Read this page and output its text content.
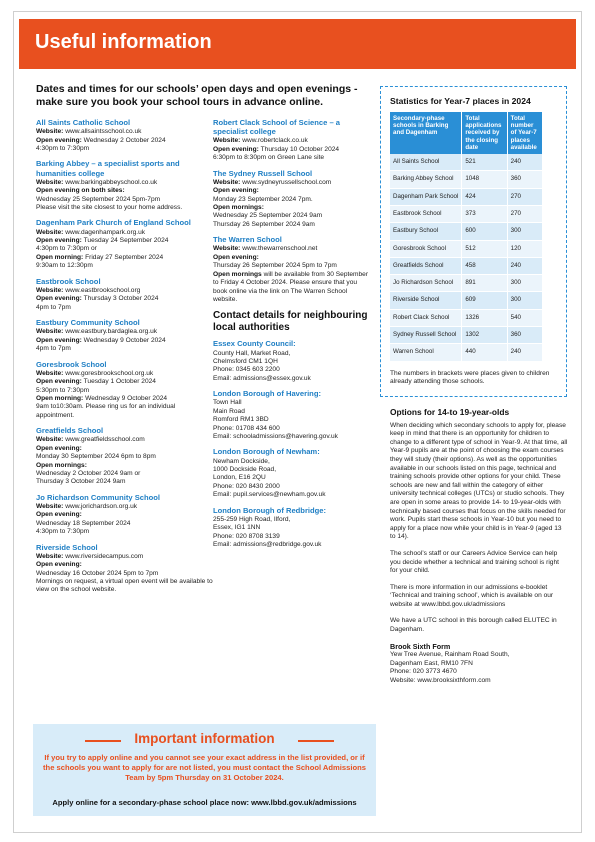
Useful information
Dates and times for our schools’ open days and open evenings - make sure you book your school tours in advance online.
All Saints Catholic School
Website: www.allsaintsschool.co.uk
Open evening: Wednesday 2 October 2024
4:30pm to 7:30pm
Barking Abbey – a specialist sports and humanities college
Website: www.barkingabbeyschool.co.uk
Open evening on both sites:
Wednesday 25 September 2024 5pm-7pm
Please visit the site closest to your home address.
Dagenham Park Church of England School
Website: www.dagenhampark.org.uk
Open evening: Tuesday 24 September 2024
4:30pm to 7:30pm or
Open morning: Friday 27 September 2024
9:30am to 12:30pm
Eastbrook School
Website: www.eastbrookschool.org
Open evening: Thursday 3 October 2024
4pm to 7pm
Eastbury Community School
Website: www.eastbury.bardaglea.org.uk
Open evening: Wednesday 9 October 2024
4pm to 7pm
Goresbrook School
Website: www.goresbrookschool.org.uk
Open evening: Tuesday 1 October 2024
5:30pm to 7:30pm
Open morning: Wednesday 9 October 2024
9am to10:30am. Please ring us for an individual appointment.
Greatfields School
Website: www.greatfieldsschool.com
Open evening:
Monday 30 September 2024 6pm to 8pm
Open mornings:
Wednesday 2 October 2024 9am or
Thursday 3 October 2024 9am
Jo Richardson Community School
Website: www.jorichardson.org.uk
Open evening:
Wednesday 18 September 2024
4:30pm to 7:30pm
Riverside School
Website: www.riversidecampus.com
Open evening:
Wednesday 16 October 2024 5pm to 7pm
Mornings on request, a virtual open event will be available to view on the school website.
Robert Clack School of Science – a specialist college
Website: www.robertclack.co.uk
Open evening: Thursday 10 October 2024
6:30pm to 8:30pm on Green Lane site
The Sydney Russell School
Website: www.sydneyrussellschool.com
Open evening:
Monday 23 September 2024 7pm.
Open mornings:
Wednesday 25 September 2024 9am
Thursday 26 September 2024 9am
The Warren School
Website: www.thewarrenschool.net
Open evening:
Thursday 26 September 2024 5pm to 7pm
Open mornings will be available from 30 September to Friday 4 October 2024. Please ensure that you book online via the link on The Warren School website.
Contact details for neighbouring local authorities
Essex County Council:
County Hall, Market Road,
Chelmsford CM1 1QH
Phone: 0345 603 2200
Email: admissions@essex.gov.uk
London Borough of Havering:
Town Hall
Main Road
Romford RM1 3BD
Phone: 01708 434 600
Email: schooladmissions@havering.gov.uk
London Borough of Newham:
Newham Dockside,
1000 Dockside Road,
London, E16 2QU
Phone: 020 8430 2000
Email: pupil.services@newham.gov.uk
London Borough of Redbridge:
255-259 High Road, Ilford,
Essex, IG1 1NN
Phone: 020 8708 3139
Email: admissions@redbridge.gov.uk
Statistics for Year-7 places in 2024
Secondary-phase schools in Barking and Dagenham	Total applications received by the closing date	Total number of Year-7 places available
All Saints School	521	240
Barking Abbey School	1048	360
Dagenham Park School	424	270
Eastbrook School	373	270
Eastbury School	600	300
Goresbrook School	512	120
Greatfields School	458	240
Jo Richardson School	891	300
Riverside School	609	300
Robert Clack School	1326	540
Sydney Russell School	1302	360
Warren School	440	240
The numbers in brackets were places given to children already attending those schools.
Options for 14-to 19-year-olds
When deciding which secondary schools to apply for, please keep in mind that there is an opportunity for children to change to a different type of school in Year-9. At that time, all Year-9 pupils are at the point of choosing the exam courses they will study (their options). As well as the opportunities available in our schools listed on this page, technical and training schools provide other options for your child. These schools are new and fall within the category of either university technical colleges (UTCs) or studio schools. They are open in some areas to provide 14- to 19-year-olds with technically based courses that focus on the skills needed for work. Pupils start these schools in Year-10 but you need to apply for a place now while your child is in Year-9 (aged 13 to 14).
The school’s staff or our Careers Advice Service can help you decide whether a technical and training school is right for your child.
There is more information in our admissions e-booklet ‘Technical and training school’, which is available on our website at www.lbbd.gov.uk/admissions
We have a UTC school in this borough called ELUTEC in Dagenham.
Brook Sixth Form
Yew Tree Avenue, Rainham Road South,
Dagenham East, RM10 7FN
Phone: 020 3773 4670
Website: www.brooksixthform.com
Important information
If you try to apply online and you cannot see your exact address in the list provided, or if the schools you want to apply for are not listed, you must contact the School Admissions Team by 5pm Thursday on 31 October 2024.
Apply online for a secondary-phase school place now: www.lbbd.gov.uk/admissions
